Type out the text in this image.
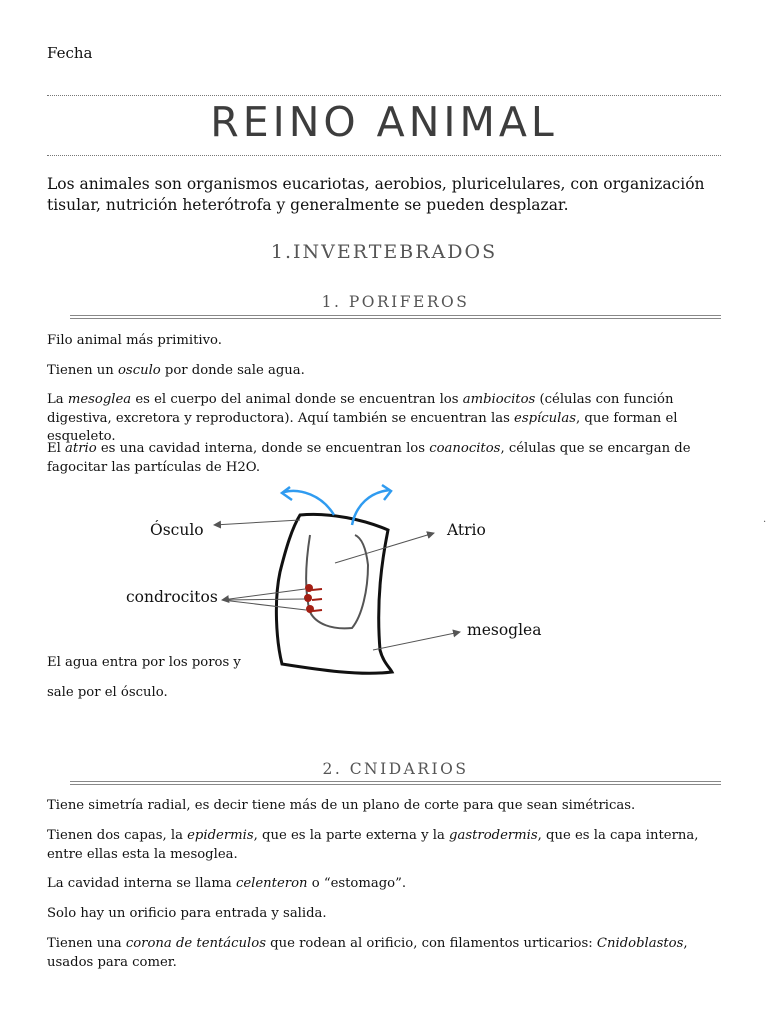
Fecha
REINO ANIMAL
Los animales son organismos eucariotas, aerobios, pluricelulares, con organización tisular, nutrición heterótrofa y generalmente se pueden desplazar.
1.INVERTEBRADOS
1. PORIFEROS
Filo animal más primitivo.
Tienen un osculo por donde sale agua.
La mesoglea es el cuerpo del animal donde se encuentran los ambiocitos (células con función digestiva, excretora y reproductora). Aquí también se encuentran las espículas, que forman el esqueleto.
El atrio es una cavidad interna, donde se encuentran los coanocitos, células que se encargan de fagocitar las partículas de H2O.
Ósculo	Atrio
condrocitos
mesoglea
.
El agua entra por los poros y
sale por el ósculo.
2. CNIDARIOS
Tiene simetría radial, es decir tiene más de un plano de corte para que sean simétricas.
Tienen dos capas, la epidermis, que es la parte externa y la gastrodermis, que es la capa interna, entre ellas esta la mesoglea.
La cavidad interna se llama celenteron o “estomago”.
Solo hay un orificio para entrada y salida.
Tienen una corona de tentáculos que rodean al orificio, con filamentos urticarios: Cnidoblastos, usados para comer.
